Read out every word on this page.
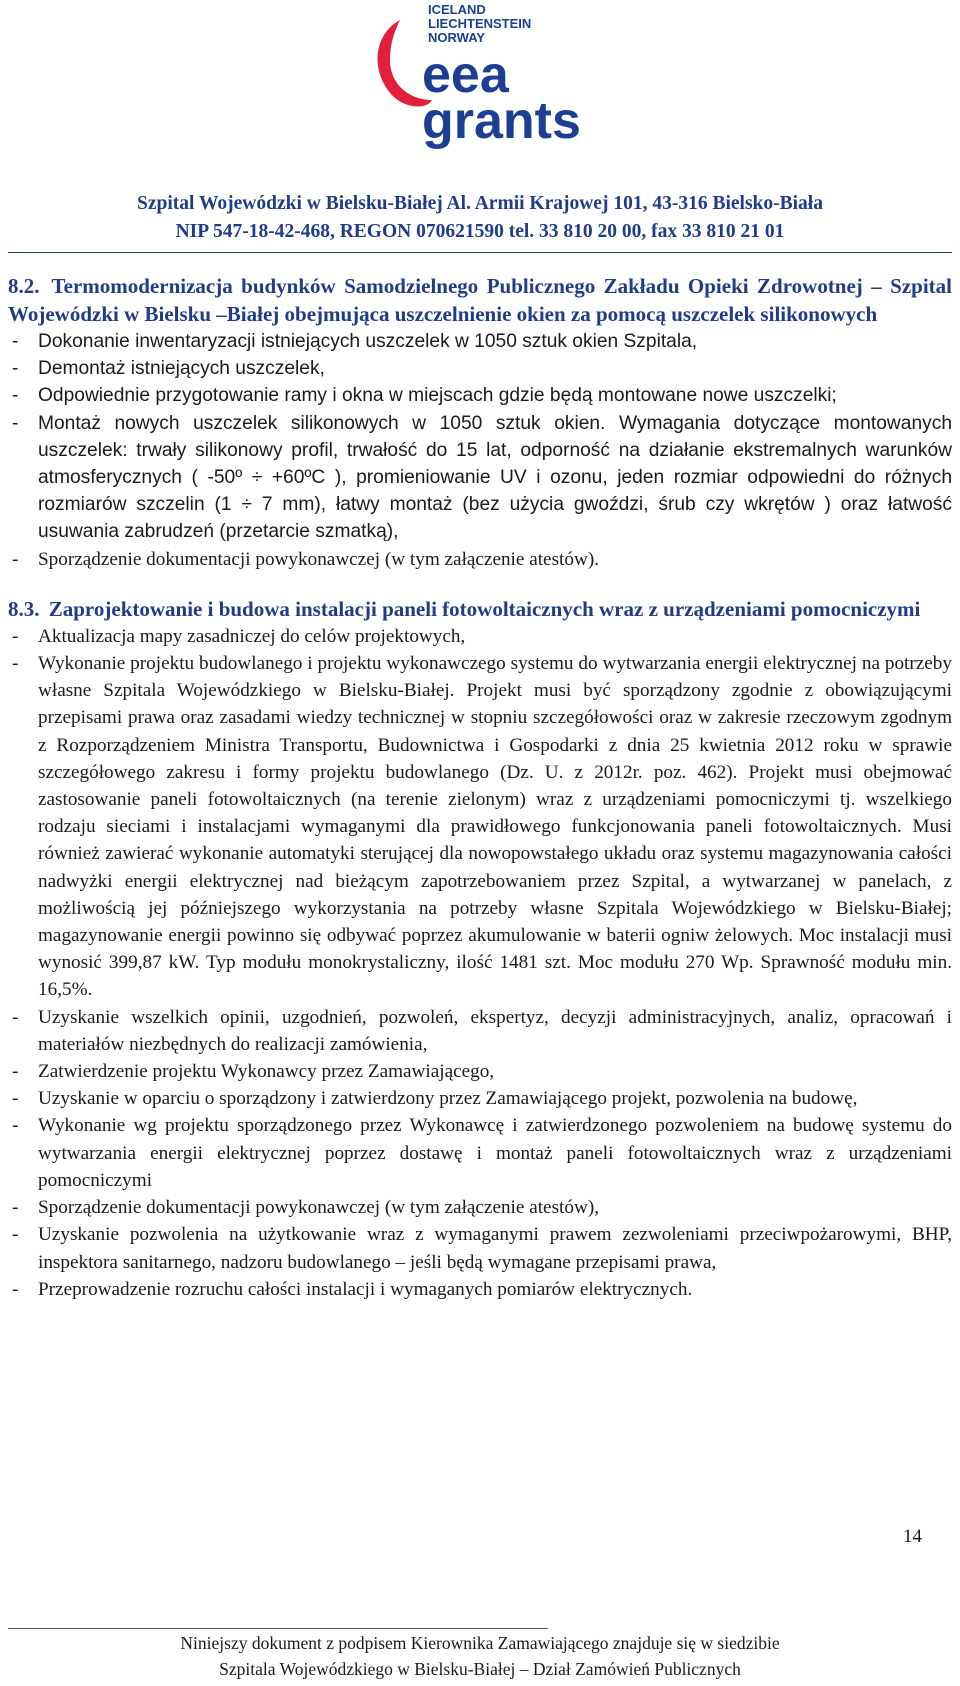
ICELAND
LIECHTENSTEIN
NORWAY
eea
grants
Szpital Wojewódzki w Bielsku-Białej Al. Armii Krajowej 101, 43-316 Bielsko-Biała
NIP 547-18-42-468, REGON 070621590 tel. 33 810 20 00, fax 33 810 21 01
8.2. Termomodernizacja budynków Samodzielnego Publicznego Zakładu Opieki Zdrowotnej – Szpital Wojewódzki w Bielsku –Białej obejmująca uszczelnienie okien za pomocą uszczelek silikonowych
- Dokonanie inwentaryzacji istniejących uszczelek w 1050 sztuk okien Szpitala,
- Demontaż istniejących uszczelek,
- Odpowiednie przygotowanie ramy i okna w miejscach gdzie będą montowane nowe uszczelki;
- Montaż nowych uszczelek silikonowych w 1050 sztuk okien. Wymagania dotyczące montowanych uszczelek: trwały silikonowy profil, trwałość do 15 lat, odporność na działanie ekstremalnych warunków atmosferycznych ( -50º ÷ +60ºC ), promieniowanie UV i ozonu, jeden rozmiar odpowiedni do różnych rozmiarów szczelin (1 ÷ 7 mm), łatwy montaż (bez użycia gwoździ, śrub czy wkrętów ) oraz łatwość usuwania zabrudzeń (przetarcie szmatką),
- Sporządzenie dokumentacji powykonawczej (w tym załączenie atestów).
8.3. Zaprojektowanie i budowa instalacji paneli fotowoltaicznych wraz z urządzeniami pomocniczymi
- Aktualizacja mapy zasadniczej do celów projektowych,
- Wykonanie projektu budowlanego i projektu wykonawczego systemu do wytwarzania energii elektrycznej na potrzeby własne Szpitala Wojewódzkiego w Bielsku-Białej. Projekt musi być sporządzony zgodnie z obowiązującymi przepisami prawa oraz zasadami wiedzy technicznej w stopniu szczegółowości oraz w zakresie rzeczowym zgodnym z Rozporządzeniem Ministra Transportu, Budownictwa i Gospodarki z dnia 25 kwietnia 2012 roku w sprawie szczegółowego zakresu i formy projektu budowlanego (Dz. U. z 2012r. poz. 462). Projekt musi obejmować zastosowanie paneli fotowoltaicznych (na terenie zielonym) wraz z urządzeniami pomocniczymi tj. wszelkiego rodzaju sieciami i instalacjami wymaganymi dla prawidłowego funkcjonowania paneli fotowoltaicznych. Musi również zawierać wykonanie automatyki sterującej dla nowopowstałego układu oraz systemu magazynowania całości nadwyżki energii elektrycznej nad bieżącym zapotrzebowaniem przez Szpital, a wytwarzanej w panelach, z możliwością jej późniejszego wykorzystania na potrzeby własne Szpitala Wojewódzkiego w Bielsku-Białej; magazynowanie energii powinno się odbywać poprzez akumulowanie w baterii ogniw żelowych. Moc instalacji musi wynosić 399,87 kW. Typ modułu monokrystaliczny, ilość 1481 szt. Moc modułu 270 Wp. Sprawność modułu min. 16,5%.
- Uzyskanie wszelkich opinii, uzgodnień, pozwoleń, ekspertyz, decyzji administracyjnych, analiz, opracowań i materiałów niezbędnych do realizacji zamówienia,
- Zatwierdzenie projektu Wykonawcy przez Zamawiającego,
- Uzyskanie w oparciu o sporządzony i zatwierdzony przez Zamawiającego projekt, pozwolenia na budowę,
- Wykonanie wg projektu sporządzonego przez Wykonawcę i zatwierdzonego pozwoleniem na budowę systemu do wytwarzania energii elektrycznej poprzez dostawę i montaż paneli fotowoltaicznych wraz z urządzeniami pomocniczymi
- Sporządzenie dokumentacji powykonawczej (w tym załączenie atestów),
- Uzyskanie pozwolenia na użytkowanie wraz z wymaganymi prawem zezwoleniami przeciwpożarowymi, BHP, inspektora sanitarnego, nadzoru budowlanego – jeśli będą wymagane przepisami prawa,
- Przeprowadzenie rozruchu całości instalacji i wymaganych pomiarów elektrycznych.
14
Niniejszy dokument z podpisem Kierownika Zamawiającego znajduje się w siedzibie
Szpitala Wojewódzkiego w Bielsku-Białej – Dział Zamówień Publicznych
